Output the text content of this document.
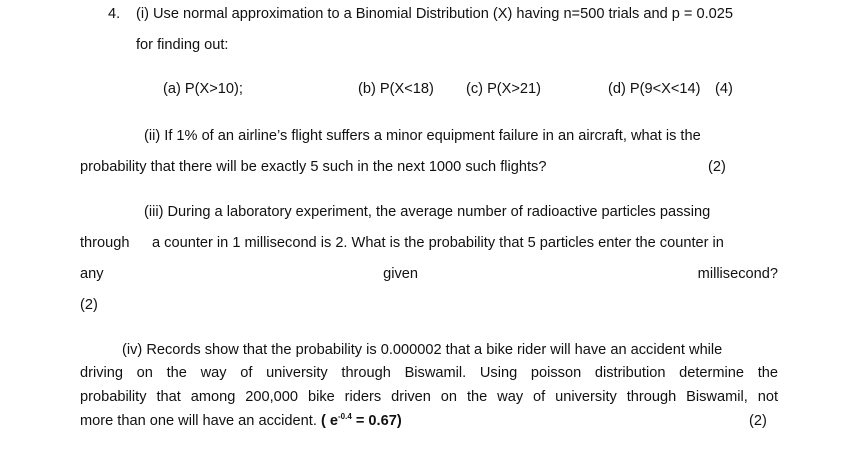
4. (i) Use normal approximation to a Binomial Distribution (X) having n=500 trials and p = 0.025
for finding out:
(a) P(X>10);	(b) P(X<18) (c) P(X>21)	(d) P(9<X<14) (4)
(ii) If 1% of an airline’s flight suffers a minor equipment failure in an aircraft, what is the
probability that there will be exactly 5 such in the next 1000 such flights?	(2)
(iii) During a laboratory experiment, the average number of radioactive particles passing
through a counter in 1 millisecond is 2. What is the probability that 5 particles enter the counter in
any	given	millisecond?
(2)
(iv) Records show that the probability is 0.000002 that a bike rider will have an accident while
driving on the way of university through Biswamil. Using poisson distribution determine the
probability that among 200,000 bike riders driven on the way of university through Biswamil, not
more than one will have an accident. ( $e^{-0.4} = 0.67$)	(2)
